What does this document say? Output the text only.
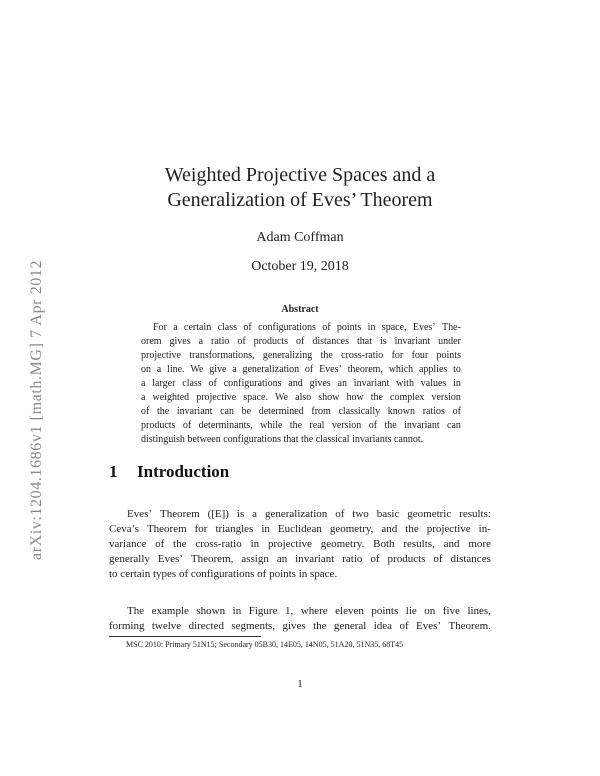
arXiv:1204.1686v1 [math.MG] 7 Apr 2012
Weighted Projective Spaces and a
Generalization of Eves’ Theorem
Adam Coffman
October 19, 2018
Abstract
For a certain class of configurations of points in space, Eves’ The-
orem gives a ratio of products of distances that is invariant under
projective transformations, generalizing the cross-ratio for four points
on a line. We give a generalization of Eves’ theorem, which applies to
a larger class of configurations and gives an invariant with values in
a weighted projective space. We also show how the complex version
of the invariant can be determined from classically known ratios of
products of determinants, while the real version of the invariant can
distinguish between configurations that the classical invariants cannot.
1 Introduction
Eves’ Theorem ([E]) is a generalization of two basic geometric results:
Ceva’s Theorem for triangles in Euclidean geometry, and the projective in-
variance of the cross-ratio in projective geometry. Both results, and more
generally Eves’ Theorem, assign an invariant ratio of products of distances
to certain types of configurations of points in space.
The example shown in Figure 1, where eleven points lie on five lines,
forming twelve directed segments, gives the general idea of Eves’ Theorem.
MSC 2010: Primary 51N15; Secondary 05B30, 14E05, 14N05, 51A20, 51N35, 68T45
1
